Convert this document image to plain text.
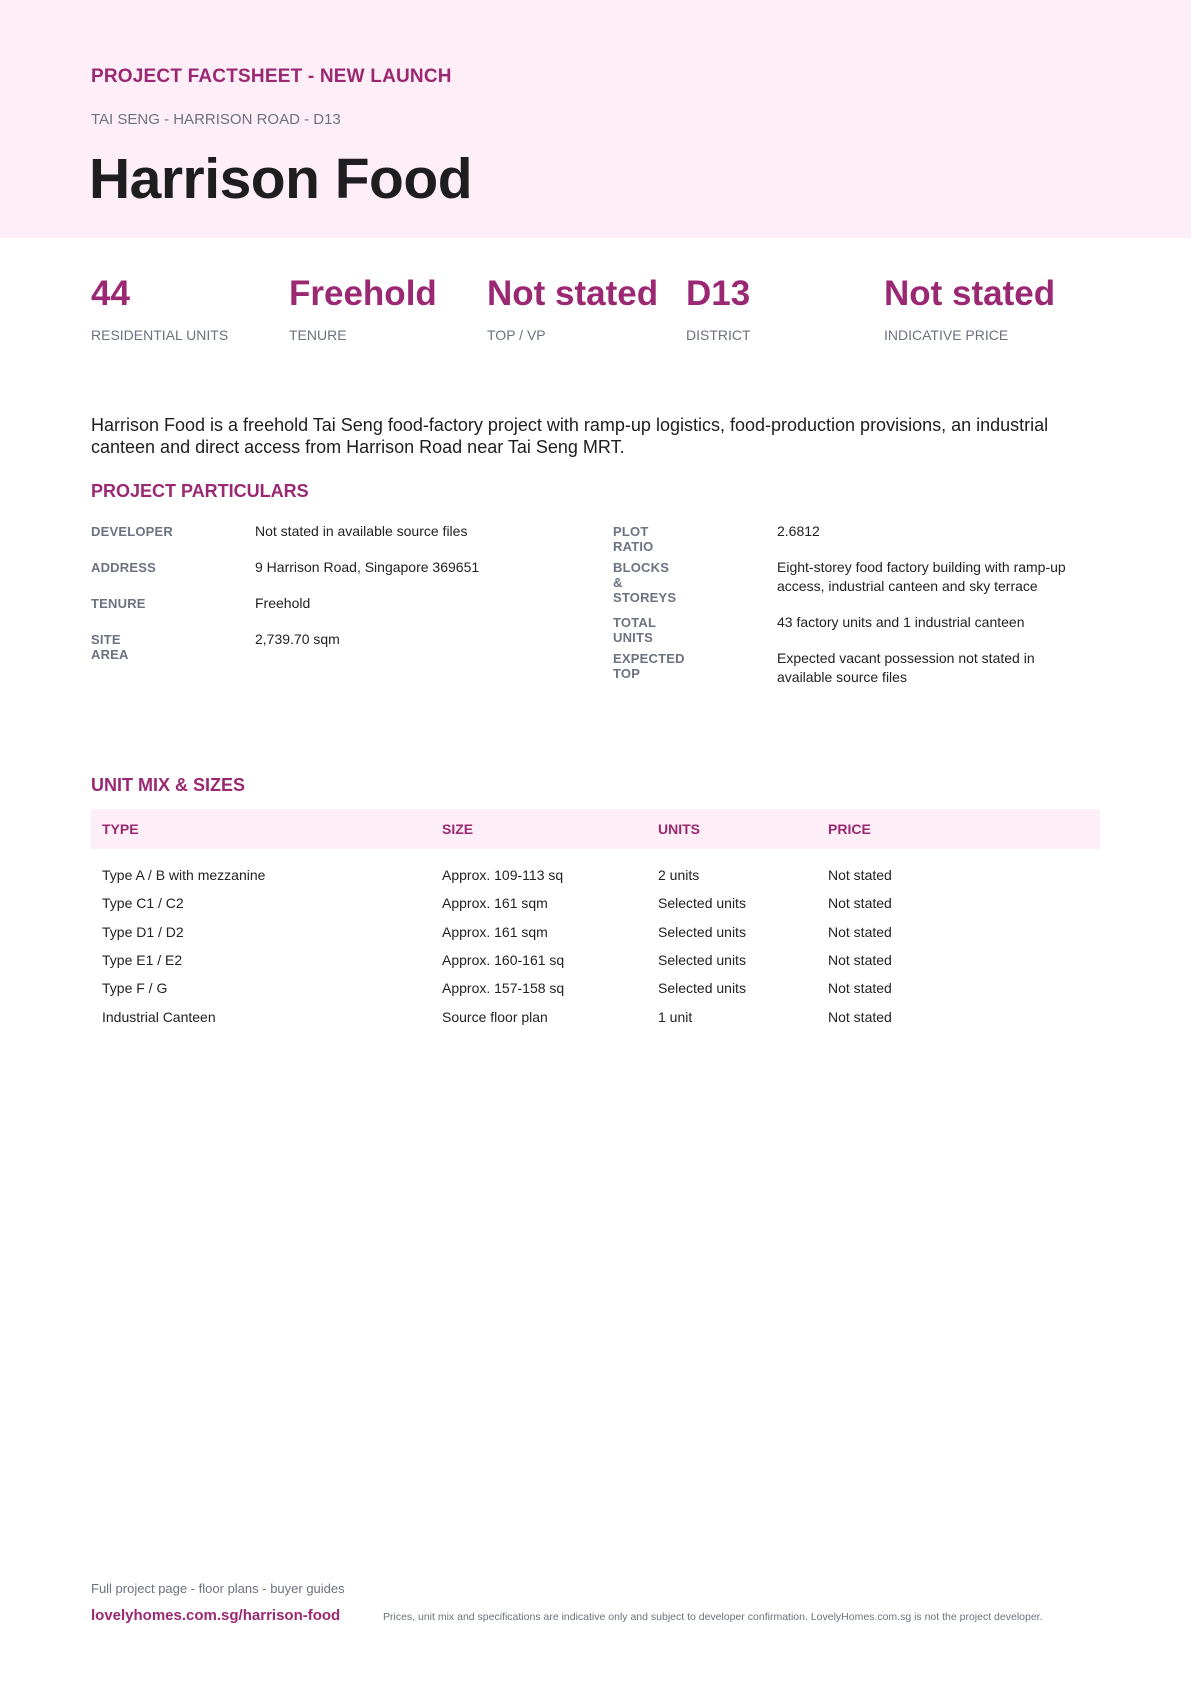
PROJECT FACTSHEET - NEW LAUNCH
TAI SENG - HARRISON ROAD - D13
Harrison Food
44
RESIDENTIAL UNITS
Freehold
TENURE
Not stated
TOP / VP
D13
DISTRICT
Not stated
INDICATIVE PRICE
Harrison Food is a freehold Tai Seng food-factory project with ramp-up logistics, food-production provisions, an industrial canteen and direct access from Harrison Road near Tai Seng MRT.
PROJECT PARTICULARS
DEVELOPER	Not stated in available source files
ADDRESS	9 Harrison Road, Singapore 369651
TENURE	Freehold
SITE AREA
2,739.70 sqm
PLOT RATIO
2.6812
BLOCKS & STOREYS
Eight-storey food factory building with ramp-up access, industrial canteen and sky terrace
TOTAL UNITS
43 factory units and 1 industrial canteen
EXPECTED TOP
Expected vacant possession not stated in available source files
UNIT MIX & SIZES
TYPE	SIZE	UNITS	PRICE
Type A / B with mezzanine	Approx. 109-113 sq	2 units	Not stated
Type C1 / C2	Approx. 161 sqm	Selected units	Not stated
Type D1 / D2	Approx. 161 sqm	Selected units	Not stated
Type E1 / E2	Approx. 160-161 sq	Selected units	Not stated
Type F / G	Approx. 157-158 sq	Selected units	Not stated
Industrial Canteen	Source floor plan	1 unit	Not stated
Full project page - floor plans - buyer guides
lovelyhomes.com.sg/harrison-food	Prices, unit mix and specifications are indicative only and subject to developer confirmation. LovelyHomes.com.sg is not the project developer.
